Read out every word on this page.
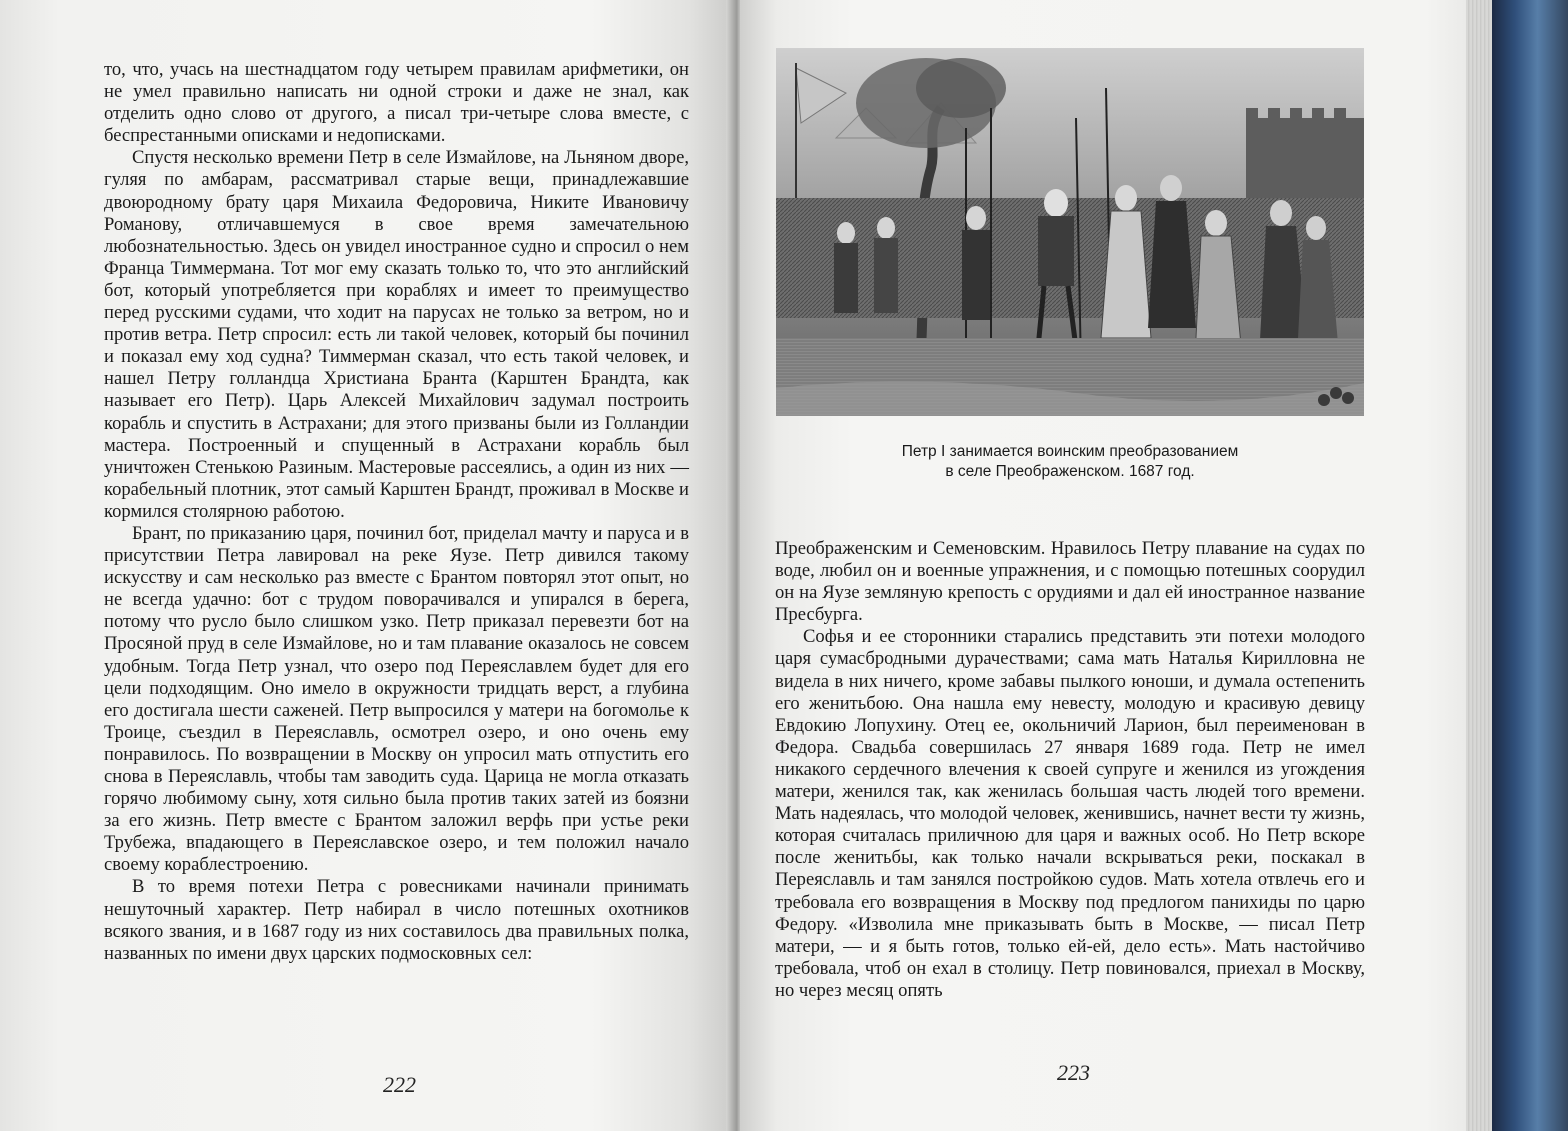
то, что, учась на шестнадцатом году четырем правилам арифметики, он не умел правильно написать ни одной строки и даже не знал, как отделить одно слово от другого, а писал три-четыре слова вместе, с беспрестанными описками и недописками.

Спустя несколько времени Петр в селе Измайлове, на Льняном дворе, гуляя по амбарам, рассматривал старые вещи, принадлежавшие двоюродному брату царя Михаила Федоровича, Никите Ивановичу Романову, отличавшемуся в свое время замечательною любознательностью. Здесь он увидел иностранное судно и спросил о нем Франца Тиммермана. Тот мог ему сказать только то, что это английский бот, который употребляется при кораблях и имеет то преимущество перед русскими судами, что ходит на парусах не только за ветром, но и против ветра. Петр спросил: есть ли такой человек, который бы починил и показал ему ход судна? Тиммерман сказал, что есть такой человек, и нашел Петру голландца Христиана Бранта (Карштен Брандта, как называет его Петр). Царь Алексей Михайлович задумал построить корабль и спустить в Астрахани; для этого призваны были из Голландии мастера. Построенный и спущенный в Астрахани корабль был уничтожен Стенькою Разиным. Мастеровые рассеялись, а один из них — корабельный плотник, этот самый Карштен Брандт, проживал в Москве и кормился столярною работою.

Брант, по приказанию царя, починил бот, приделал мачту и паруса и в присутствии Петра лавировал на реке Яузе. Петр дивился такому искусству и сам несколько раз вместе с Брантом повторял этот опыт, но не всегда удачно: бот с трудом поворачивался и упирался в берега, потому что русло было слишком узко. Петр приказал перевезти бот на Просяной пруд в селе Измайлове, но и там плавание оказалось не совсем удобным. Тогда Петр узнал, что озеро под Переяславлем будет для его цели подходящим. Оно имело в окружности тридцать верст, а глубина его достигала шести саженей. Петр выпросился у матери на богомолье к Троице, съездил в Переяславль, осмотрел озеро, и оно очень ему понравилось. По возвращении в Москву он упросил мать отпустить его снова в Переяславль, чтобы там заводить суда. Царица не могла отказать горячо любимому сыну, хотя сильно была против таких затей из боязни за его жизнь. Петр вместе с Брантом заложил верфь при устье реки Трубежа, впадающего в Переяславское озеро, и тем положил начало своему кораблестроению.

В то время потехи Петра с ровесниками начинали принимать нешуточный характер. Петр набирал в число потешных охотников всякого звания, и в 1687 году из них составилось два правильных полка, названных по имени двух царских подмосковных сел:

222
Петр I занимается воинским преобразованием
в селе Преображенском. 1687 год.

Преображенским и Семеновским. Нравилось Петру плавание на судах по воде, любил он и военные упражнения, и с помощью потешных соорудил он на Яузе земляную крепость с орудиями и дал ей иностранное название Пресбурга.

Софья и ее сторонники старались представить эти потехи молодого царя сумасбродными дурачествами; сама мать Наталья Кирилловна не видела в них ничего, кроме забавы пылкого юноши, и думала остепенить его женитьбою. Она нашла ему невесту, молодую и красивую девицу Евдокию Лопухину. Отец ее, окольничий Ларион, был переименован в Федора. Свадьба совершилась 27 января 1689 года. Петр не имел никакого сердечного влечения к своей супруге и женился из угождения матери, женился так, как женилась большая часть людей того времени. Мать надеялась, что молодой человек, женившись, начнет вести ту жизнь, которая считалась приличною для царя и важных особ. Но Петр вскоре после женитьбы, как только начали вскрываться реки, поскакал в Переяславль и там занялся постройкою судов. Мать хотела отвлечь его и требовала его возвращения в Москву под предлогом панихиды по царю Федору. «Изволила мне приказывать быть в Москве, — писал Петр матери, — и я быть готов, только ей-ей, дело есть». Мать настойчиво требовала, чтоб он ехал в столицу. Петр повиновался, приехал в Москву, но через месяц опять

223
